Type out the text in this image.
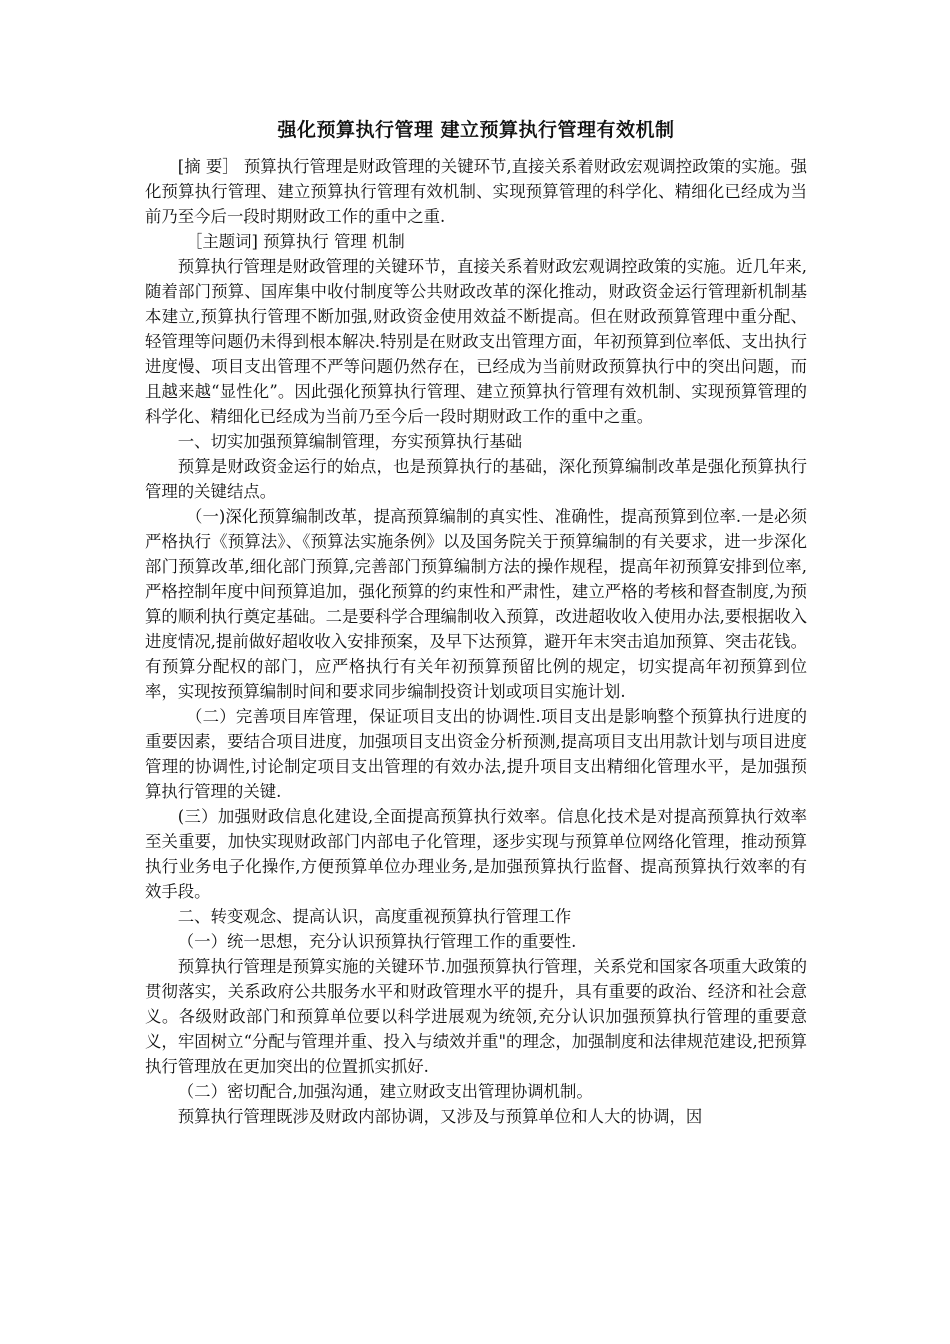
强化预算执行管理 建立预算执行管理有效机制

[摘 要］ 预算执行管理是财政管理的关键环节,直接关系着财政宏观调控政策的实施。强化预算执行管理、建立预算执行管理有效机制、实现预算管理的科学化、精细化已经成为当前乃至今后一段时期财政工作的重中之重.

［主题词] 预算执行 管理 机制

预算执行管理是财政管理的关键环节，直接关系着财政宏观调控政策的实施。近几年来,随着部门预算、国库集中收付制度等公共财政改革的深化推动，财政资金运行管理新机制基本建立,预算执行管理不断加强,财政资金使用效益不断提高。但在财政预算管理中重分配、轻管理等问题仍未得到根本解决.特别是在财政支出管理方面，年初预算到位率低、支出执行进度慢、项目支出管理不严等问题仍然存在，已经成为当前财政预算执行中的突出问题，而且越来越“显性化”。因此强化预算执行管理、建立预算执行管理有效机制、实现预算管理的科学化、精细化已经成为当前乃至今后一段时期财政工作的重中之重。

一、切实加强预算编制管理，夯实预算执行基础

预算是财政资金运行的始点，也是预算执行的基础，深化预算编制改革是强化预算执行管理的关键结点。

（一)深化预算编制改革，提高预算编制的真实性、准确性，提高预算到位率.一是必须严格执行《预算法》、《预算法实施条例》以及国务院关于预算编制的有关要求，进一步深化部门预算改革,细化部门预算,完善部门预算编制方法的操作规程，提高年初预算安排到位率,严格控制年度中间预算追加，强化预算的约束性和严肃性，建立严格的考核和督查制度,为预算的顺利执行奠定基础。二是要科学合理编制收入预算，改进超收收入使用办法,要根据收入进度情况,提前做好超收收入安排预案，及早下达预算，避开年末突击追加预算、突击花钱。有预算分配权的部门，应严格执行有关年初预算预留比例的规定，切实提高年初预算到位率，实现按预算编制时间和要求同步编制投资计划或项目实施计划.

（二）完善项目库管理，保证项目支出的协调性.项目支出是影响整个预算执行进度的重要因素，要结合项目进度，加强项目支出资金分析预测,提高项目支出用款计划与项目进度管理的协调性,讨论制定项目支出管理的有效办法,提升项目支出精细化管理水平，是加强预算执行管理的关键.

(三）加强财政信息化建设,全面提高预算执行效率。信息化技术是对提高预算执行效率至关重要，加快实现财政部门内部电子化管理，逐步实现与预算单位网络化管理，推动预算执行业务电子化操作,方便预算单位办理业务,是加强预算执行监督、提高预算执行效率的有效手段。

二、转变观念、提高认识，高度重视预算执行管理工作

（一）统一思想，充分认识预算执行管理工作的重要性.

预算执行管理是预算实施的关键环节.加强预算执行管理，关系党和国家各项重大政策的贯彻落实，关系政府公共服务水平和财政管理水平的提升，具有重要的政治、经济和社会意义。各级财政部门和预算单位要以科学进展观为统领,充分认识加强预算执行管理的重要意义，牢固树立“分配与管理并重、投入与绩效并重"的理念，加强制度和法律规范建设,把预算执行管理放在更加突出的位置抓实抓好.

（二）密切配合,加强沟通，建立财政支出管理协调机制。

预算执行管理既涉及财政内部协调，又涉及与预算单位和人大的协调，因
